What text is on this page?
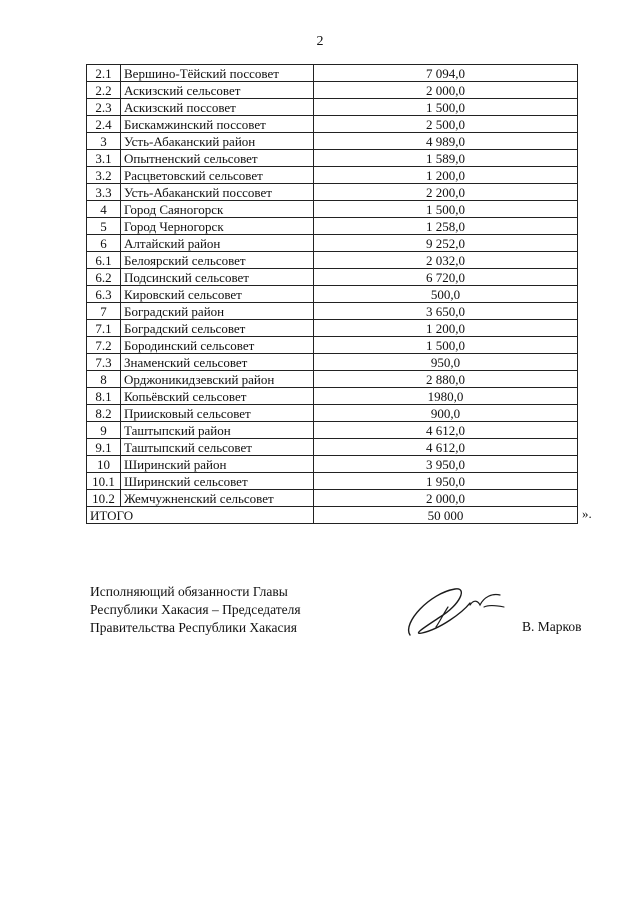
2
2.1	Вершино-Тёйский поссовет	7 094,0
2.2	Аскизский сельсовет	2 000,0
2.3	Аскизский поссовет	1 500,0
2.4	Бискамжинский поссовет	2 500,0
3	Усть-Абаканский район	4 989,0
3.1	Опытненский сельсовет	1 589,0
3.2	Расцветовский сельсовет	1 200,0
3.3	Усть-Абаканский поссовет	2 200,0
4	Город Саяногорск	1 500,0
5	Город Черногорск	1 258,0
6	Алтайский район	9 252,0
6.1	Белоярский сельсовет	2 032,0
6.2	Подсинский сельсовет	6 720,0
6.3	Кировский сельсовет	500,0
7	Боградский район	3 650,0
7.1	Боградский сельсовет	1 200,0
7.2	Бородинский сельсовет	1 500,0
7.3	Знаменский сельсовет	950,0
8	Орджоникидзевский район	2 880,0
8.1	Копьёвский сельсовет	1980,0
8.2	Приисковый сельсовет	900,0
9	Таштыпский район	4 612,0
9.1	Таштыпский сельсовет	4 612,0
10	Ширинский район	3 950,0
10.1	Ширинский сельсовет	1 950,0
10.2	Жемчужненский сельсовет	2 000,0
ИТОГО		50 000	».
Исполняющий обязанности Главы
Республики Хакасия – Председателя
Правительства Республики Хакасия	В. Марков
